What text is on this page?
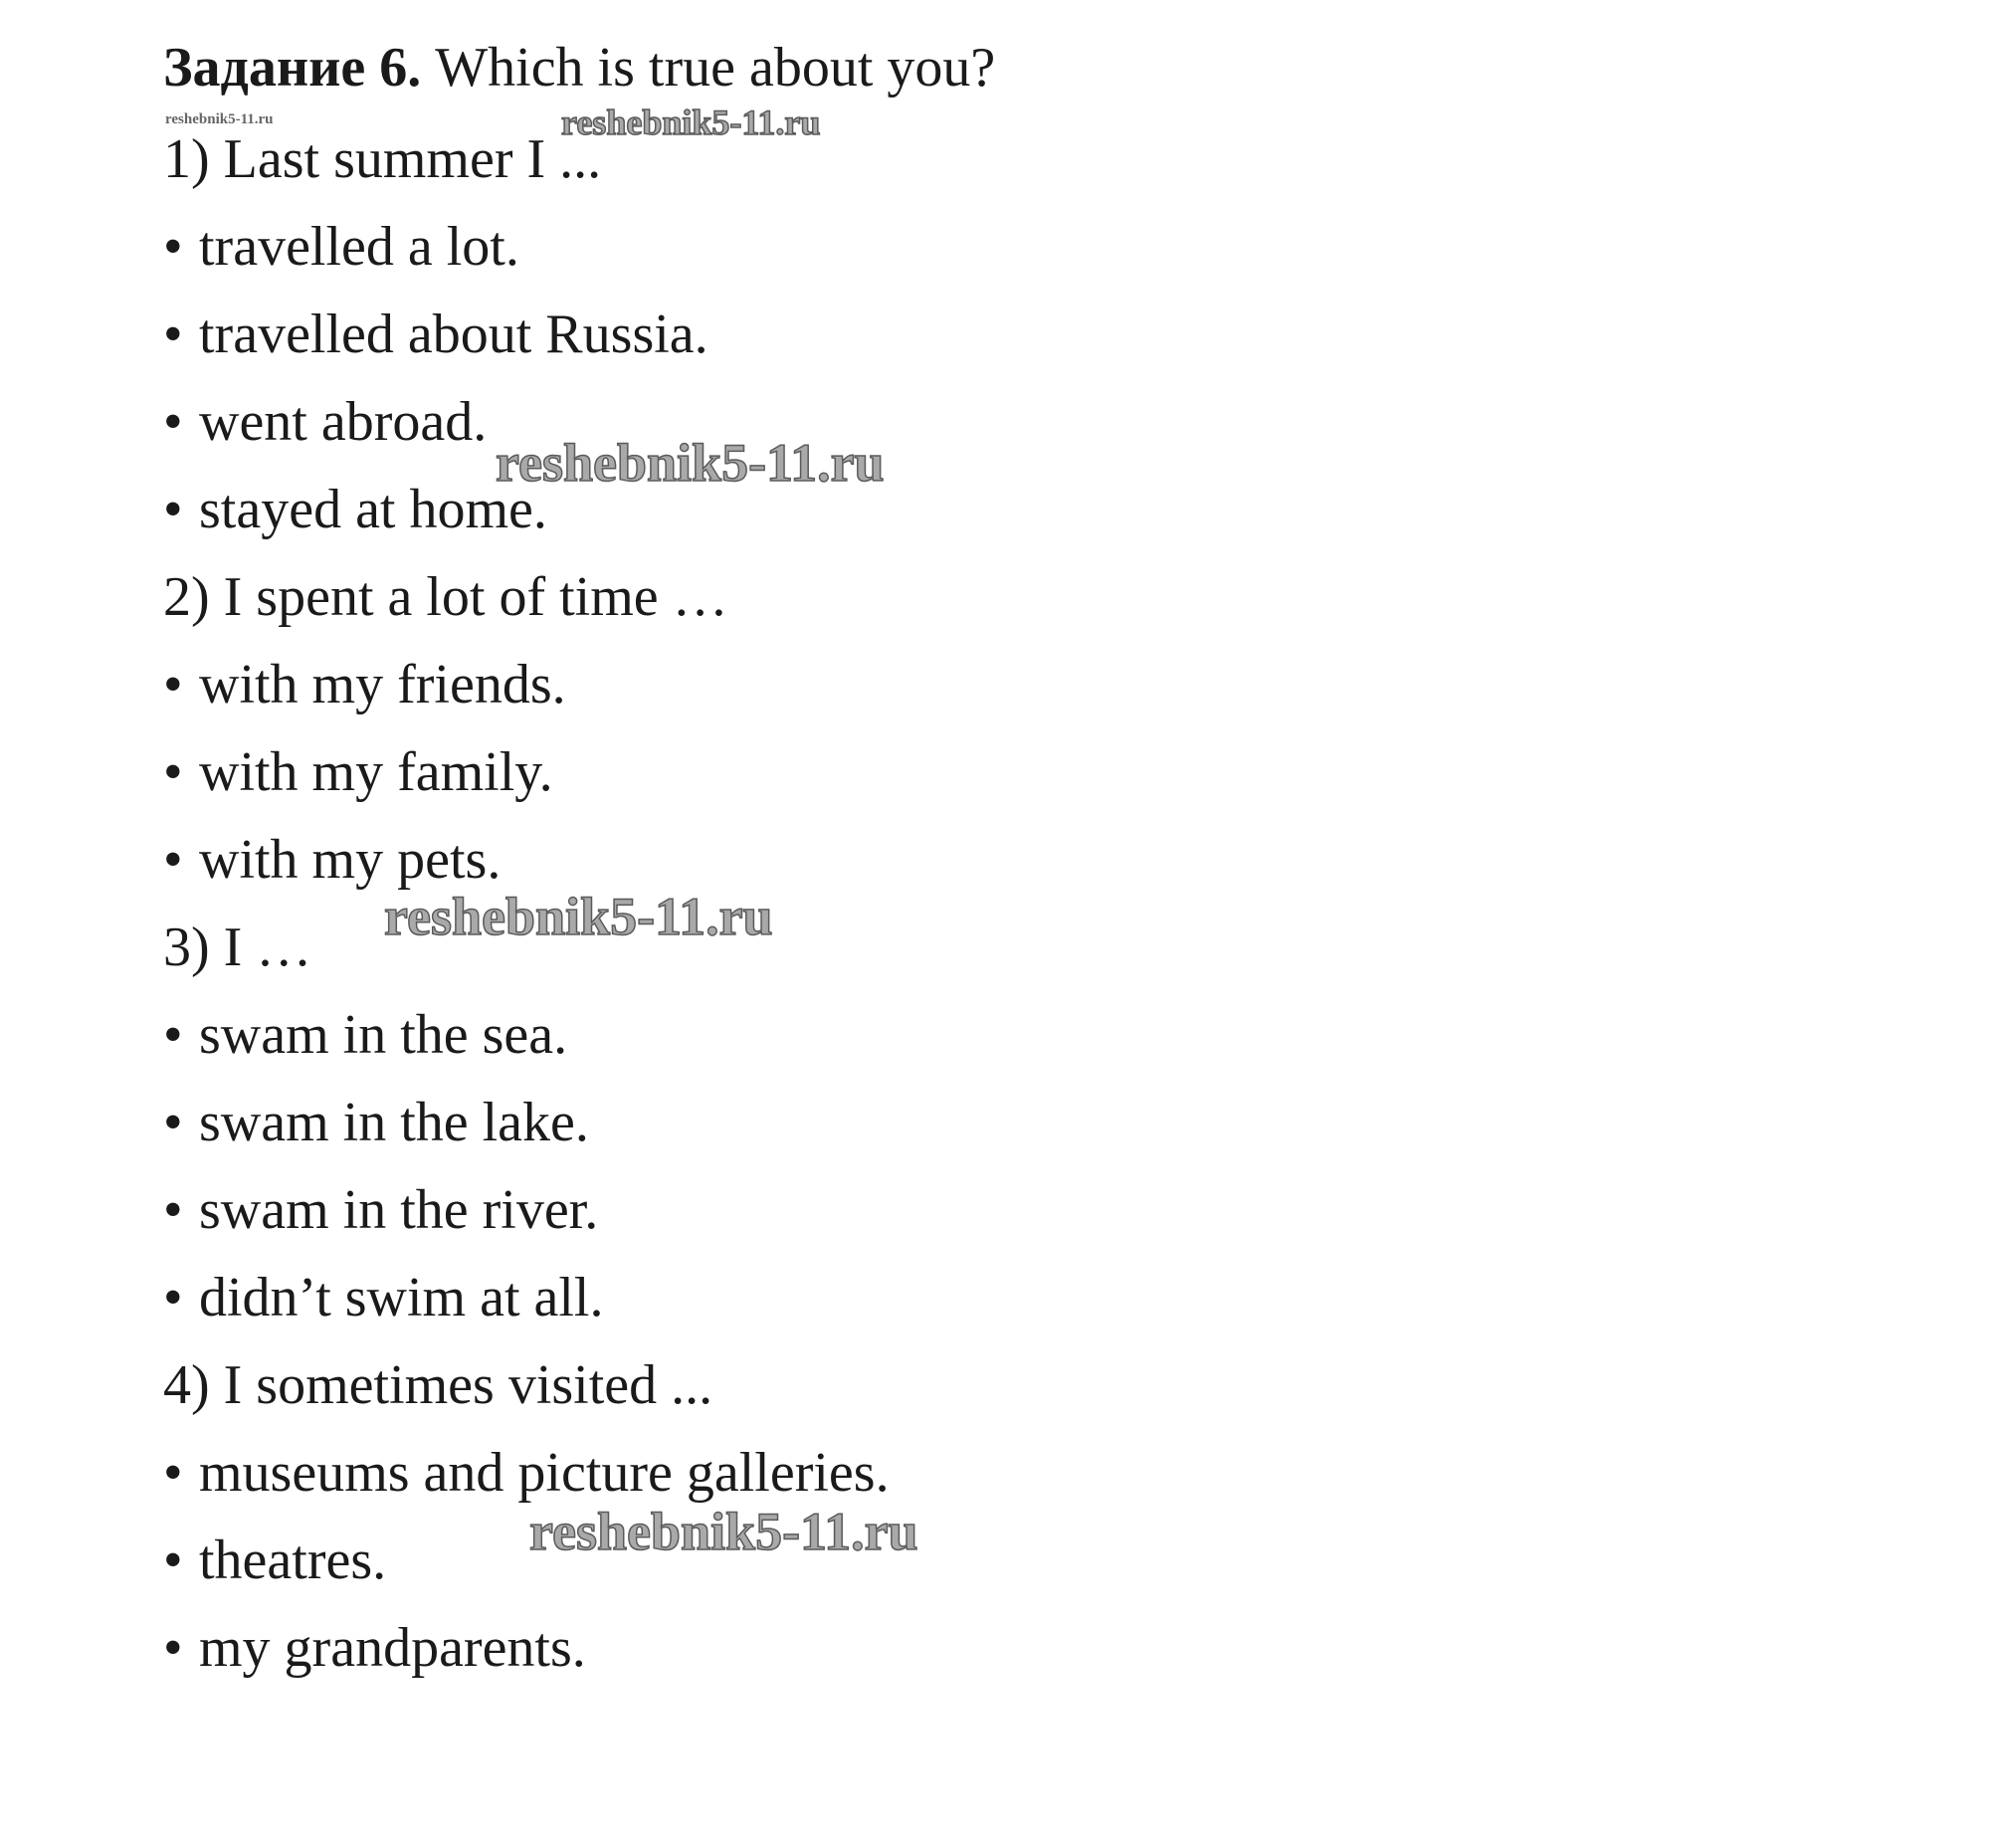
Задание 6. Which is true about you?
1) Last summer I ...
• travelled a lot.
• travelled about Russia.
• went abroad.
• stayed at home.
2) I spent a lot of time …
• with my friends.
• with my family.
• with my pets.
3) I …
• swam in the sea.
• swam in the lake.
• swam in the river.
• didn’t swim at all.
4) I sometimes visited ...
• museums and picture galleries.
• theatres.
• my grandparents.
reshebnik5-11.ru	reshebnik5-11.ru
reshebnik5-11.ru
reshebnik5-11.ru
reshebnik5-11.ru
